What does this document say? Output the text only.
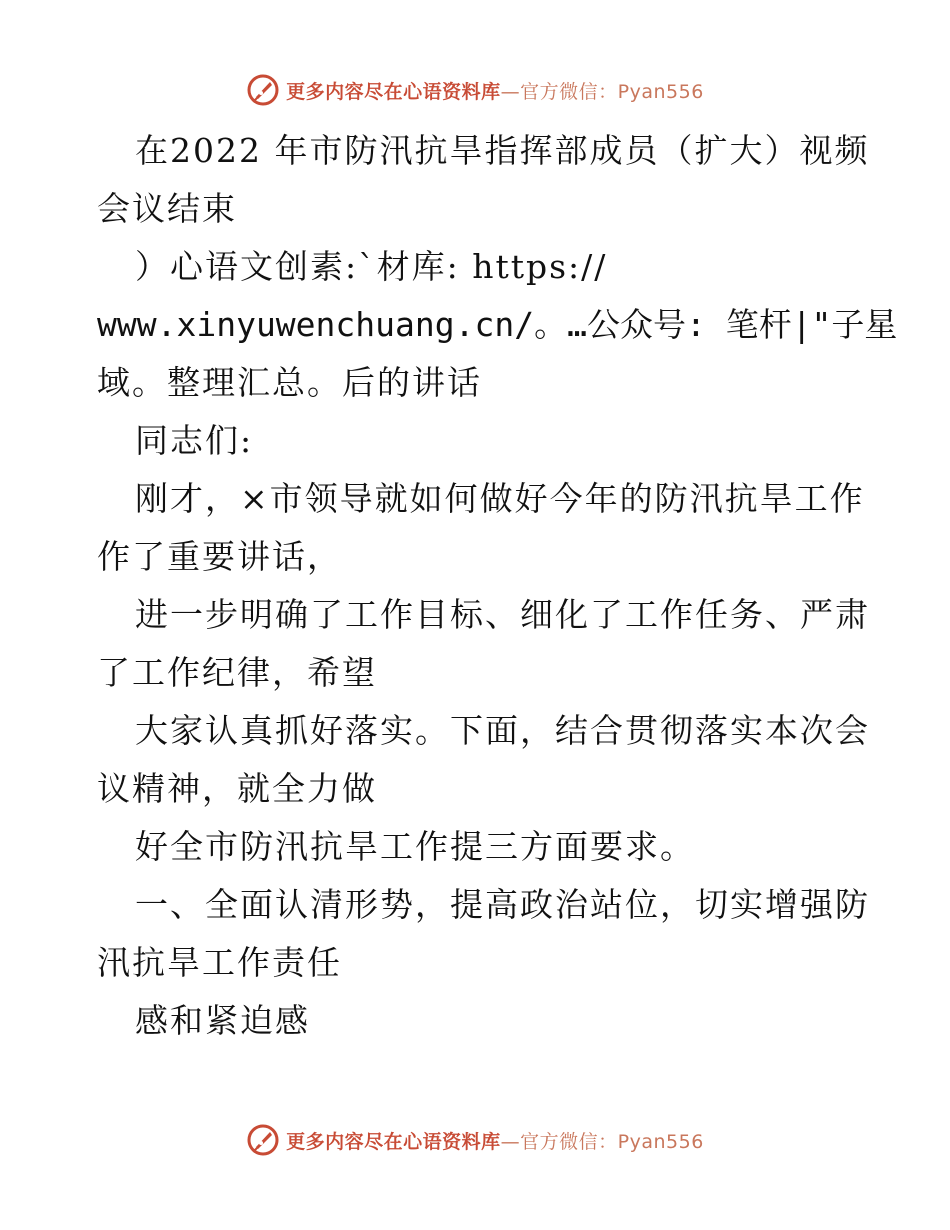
更多内容尽在心语资料库—官方微信：Pyan556
在2022 年市防汛抗旱指挥部成员（扩大）视频
会议结束
）心语文创素:`材库: https://
www.xinyuwenchuang.cn/。…公众号: 笔杆|"子星
域。整理汇总。后的讲话
同志们:
刚才，×市领导就如何做好今年的防汛抗旱工作
作了重要讲话，
进一步明确了工作目标、细化了工作任务、严肃
了工作纪律，希望
大家认真抓好落实。下面，结合贯彻落实本次会
议精神，就全力做
好全市防汛抗旱工作提三方面要求。
一、全面认清形势，提高政治站位，切实增强防
汛抗旱工作责任
感和紧迫感
更多内容尽在心语资料库—官方微信：Pyan556
